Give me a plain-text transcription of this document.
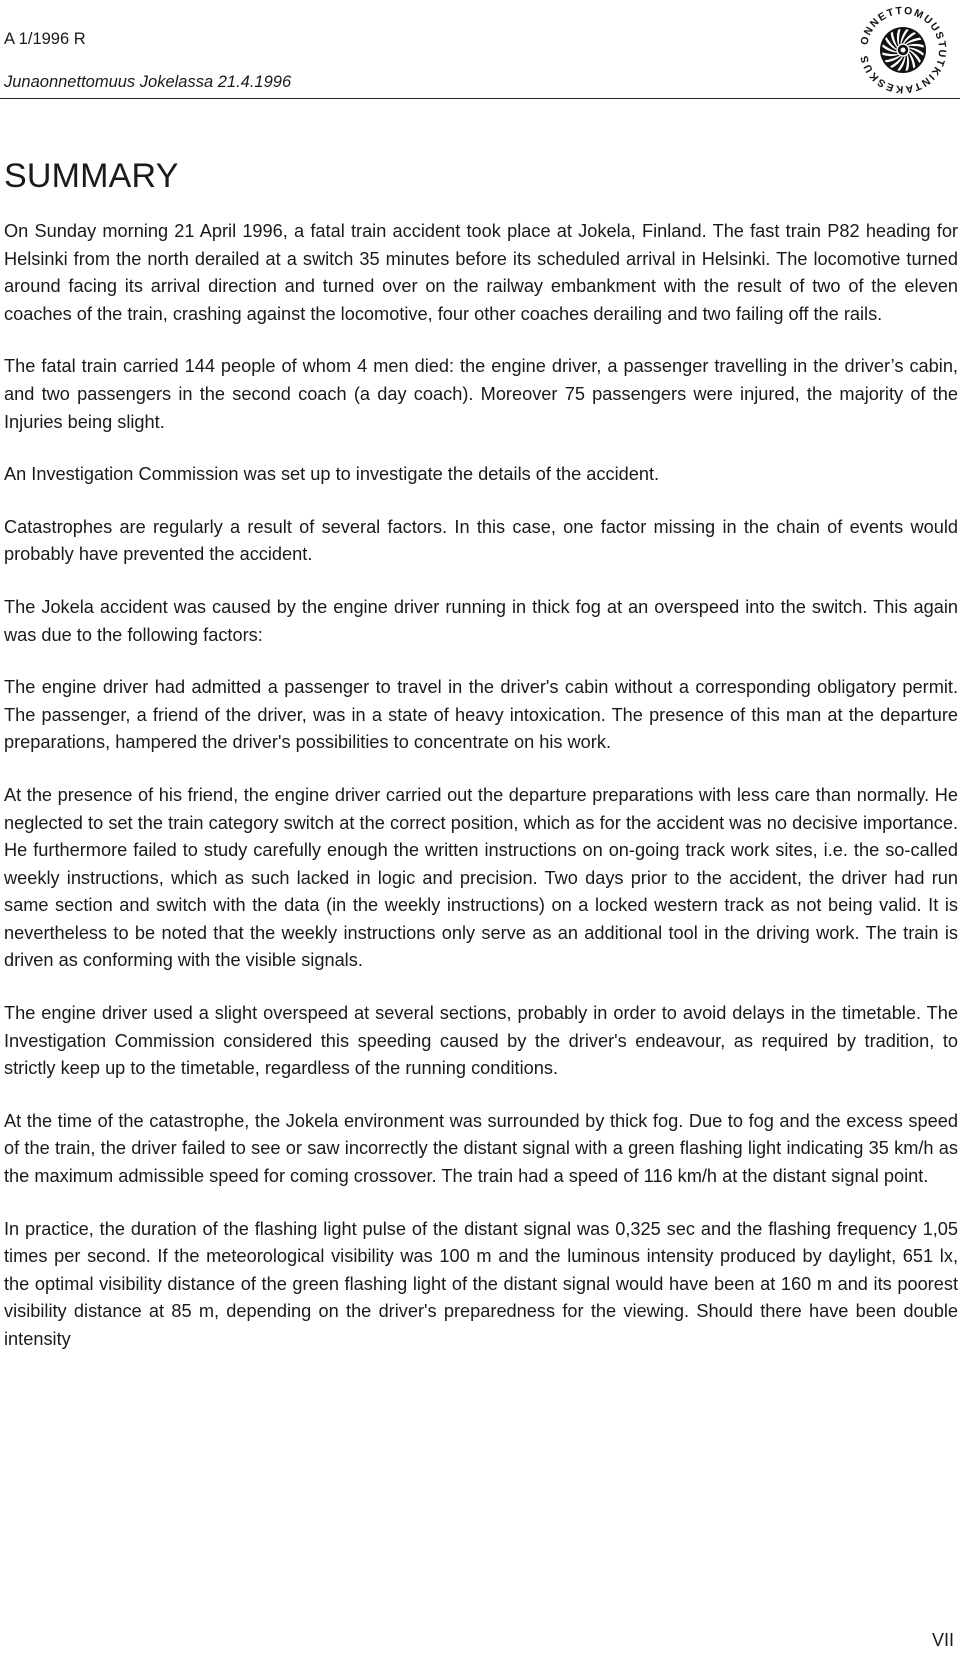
A 1/1996 R
Junaonnettomuus Jokelassa 21.4.1996
ONNETTOMUUSTUTKINTAKESKUS
SUMMARY

On Sunday morning 21 April 1996, a fatal train accident took place at Jokela, Finland. The fast train P82 heading for Helsinki from the north derailed at a switch 35 minutes before its scheduled arrival in Helsinki. The locomotive turned around facing its arrival direction and turned over on the railway embankment with the result of two of the eleven coaches of the train, crashing against the locomotive, four other coaches derailing and two failing off the rails.

The fatal train carried 144 people of whom 4 men died: the engine driver, a passenger travelling in the driver’s cabin, and two passengers in the second coach (a day coach). Moreover 75 passengers were injured, the majority of the Injuries being slight.

An Investigation Commission was set up to investigate the details of the accident.

Catastrophes are regularly a result of several factors. In this case, one factor missing in the chain of events would probably have prevented the accident.

The Jokela accident was caused by the engine driver running in thick fog at an overspeed into the switch. This again was due to the following factors:

The engine driver had admitted a passenger to travel in the driver's cabin without a corresponding obligatory permit. The passenger, a friend of the driver, was in a state of heavy intoxication. The presence of this man at the departure preparations, hampered the driver's possibilities to concentrate on his work.

At the presence of his friend, the engine driver carried out the departure preparations with less care than normally. He neglected to set the train category switch at the correct position, which as for the accident was no decisive importance. He furthermore failed to study carefully enough the written instructions on on-going track work sites, i.e. the so-called weekly instructions, which as such lacked in logic and precision. Two days prior to the accident, the driver had run same section and switch with the data (in the weekly instructions) on a locked western track as not being valid. It is nevertheless to be noted that the weekly instructions only serve as an additional tool in the driving work. The train is driven as conforming with the visible signals.

The engine driver used a slight overspeed at several sections, probably in order to avoid delays in the timetable. The Investigation Commission considered this speeding caused by the driver's endeavour, as required by tradition, to strictly keep up to the timetable, regardless of the running conditions.

At the time of the catastrophe, the Jokela environment was surrounded by thick fog. Due to fog and the excess speed of the train, the driver failed to see or saw incorrectly the distant signal with a green flashing light indicating 35 km/h as the maximum admissible speed for coming crossover. The train had a speed of 116 km/h at the distant signal point.

In practice, the duration of the flashing light pulse of the distant signal was 0,325 sec and the flashing frequency 1,05 times per second. If the meteorological visibility was 100 m and the luminous intensity produced by daylight, 651 lx, the optimal visibility distance of the green flashing light of the distant signal would have been at 160 m and its poorest visibility distance at 85 m, depending on the driver's preparedness for the viewing. Should there have been double intensity

VII
